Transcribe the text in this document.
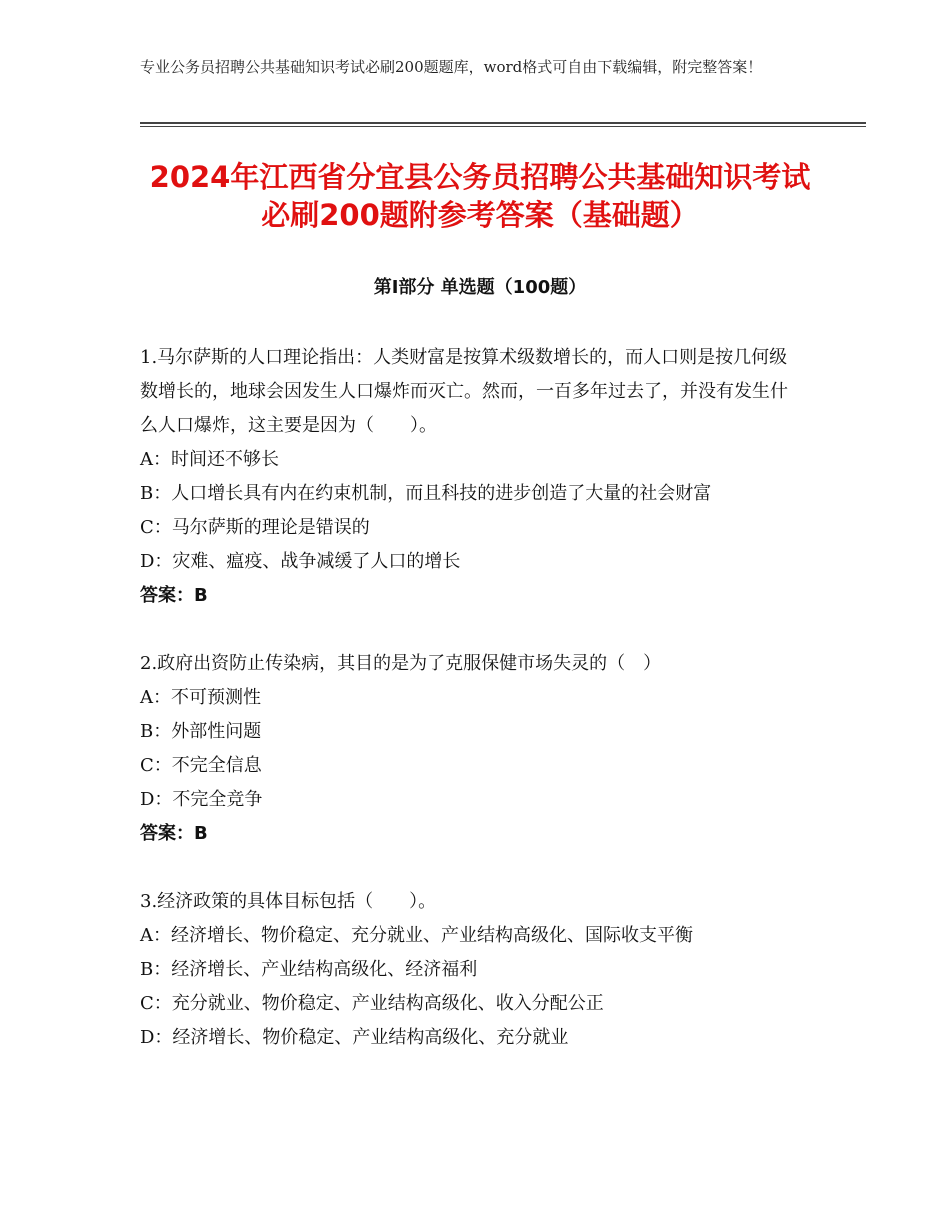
专业公务员招聘公共基础知识考试必刷200题题库，word格式可自由下载编辑，附完整答案！
2024年江西省分宜县公务员招聘公共基础知识考试必刷200题附参考答案（基础题）
第Ⅰ部分 单选题（100题）
1.马尔萨斯的人口理论指出：人类财富是按算术级数增长的，而人口则是按几何级数增长的，地球会因发生人口爆炸而灭亡。然而，一百多年过去了，并没有发生什么人口爆炸，这主要是因为（　　）。
A：时间还不够长
B：人口增长具有内在约束机制，而且科技的进步创造了大量的社会财富
C：马尔萨斯的理论是错误的
D：灾难、瘟疫、战争减缓了人口的增长
答案：B
2.政府出资防止传染病，其目的是为了克服保健市场失灵的（　）
A：不可预测性
B：外部性问题
C：不完全信息
D：不完全竞争
答案：B
3.经济政策的具体目标包括（　　）。
A：经济增长、物价稳定、充分就业、产业结构高级化、国际收支平衡
B：经济增长、产业结构高级化、经济福利
C：充分就业、物价稳定、产业结构高级化、收入分配公正
D：经济增长、物价稳定、产业结构高级化、充分就业
